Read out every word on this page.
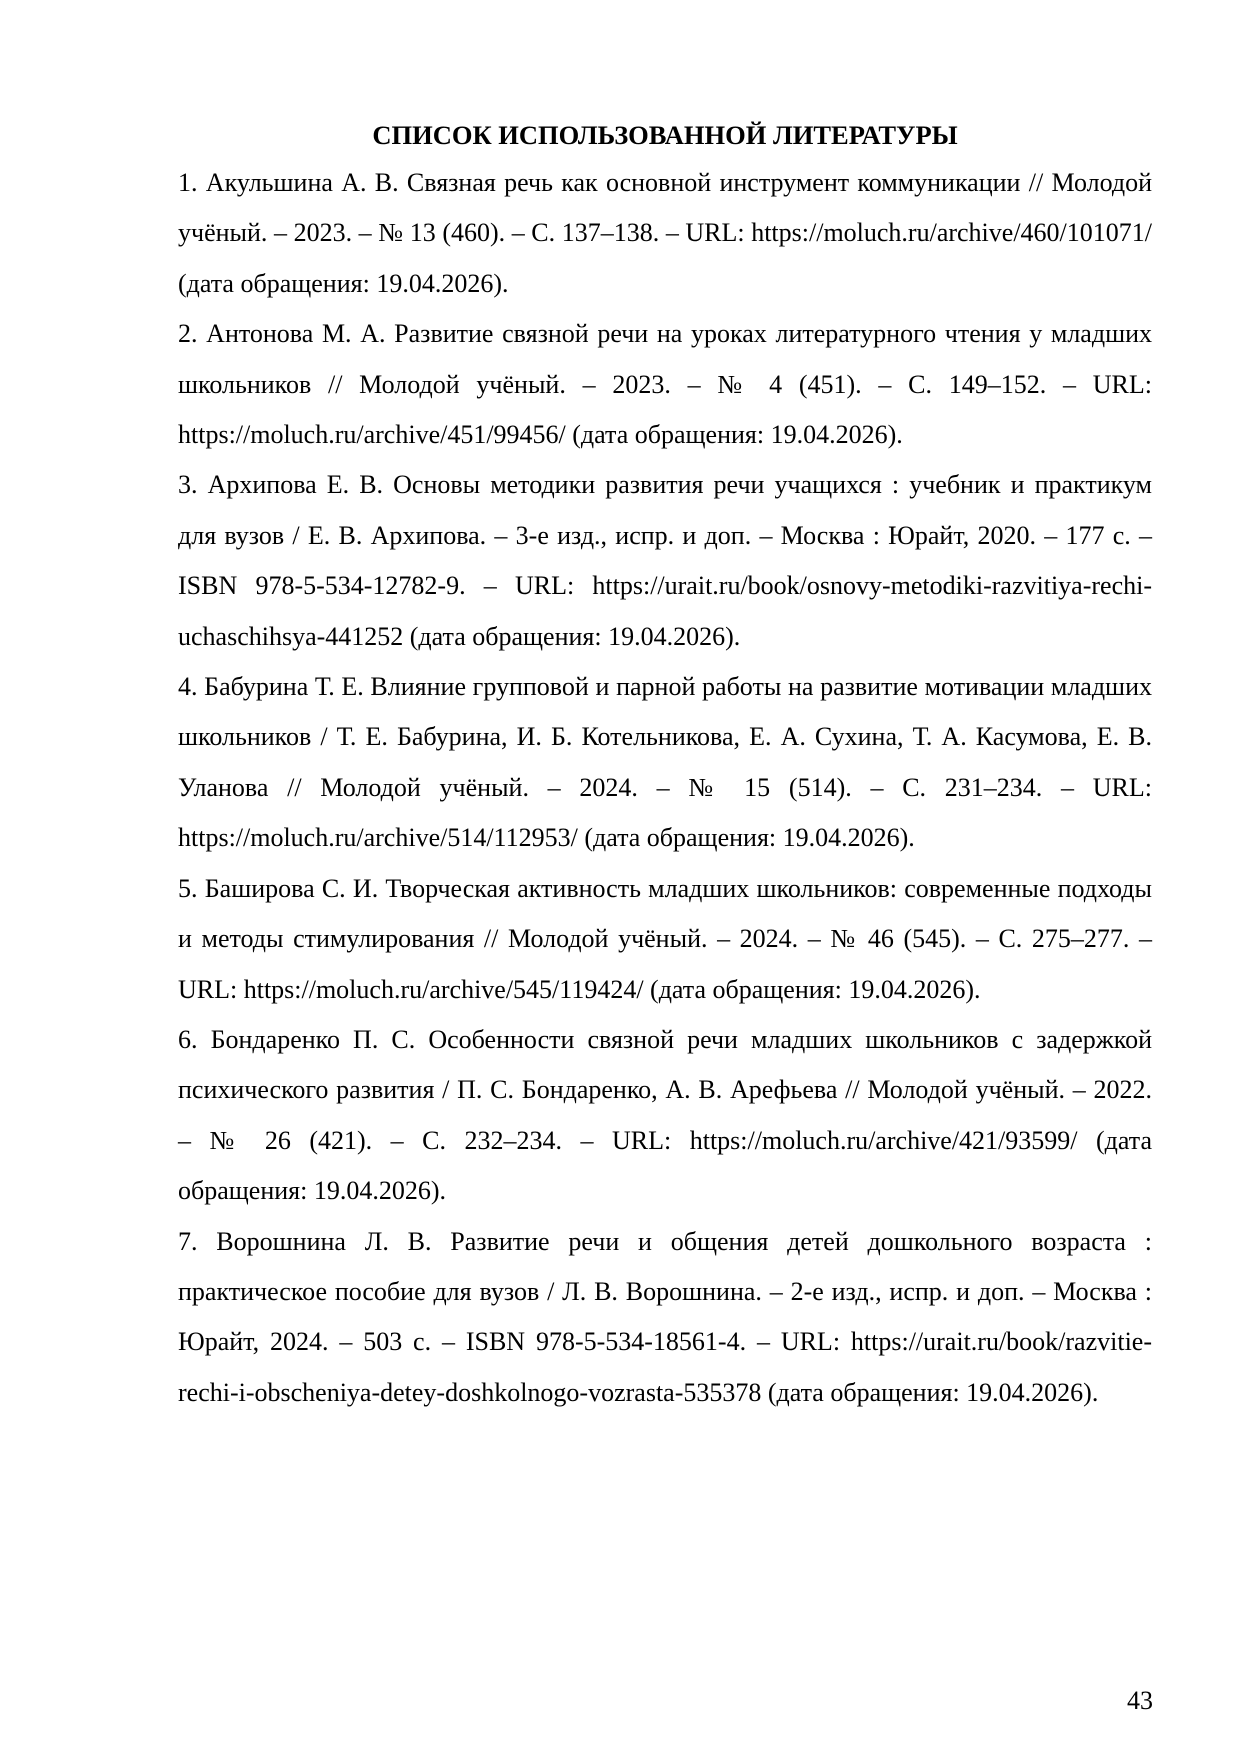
СПИСОК ИСПОЛЬЗОВАННОЙ ЛИТЕРАТУРЫ

1. Акульшина А. В. Связная речь как основной инструмент коммуникации // Молодой учёный. – 2023. – № 13 (460). – С. 137–138. – URL: https://moluch.ru/archive/460/101071/ (дата обращения: 19.04.2026).

2. Антонова М. А. Развитие связной речи на уроках литературного чтения у младших школьников // Молодой учёный. – 2023. – № 4 (451). – С. 149–152. – URL: https://moluch.ru/archive/451/99456/ (дата обращения: 19.04.2026).

3. Архипова Е. В. Основы методики развития речи учащихся : учебник и практикум для вузов / Е. В. Архипова. – 3-е изд., испр. и доп. – Москва : Юрайт, 2020. – 177 с. – ISBN 978-5-534-12782-9. – URL: https://urait.ru/book/osnovy-metodiki-razvitiya-rechi-uchaschihsya-441252 (дата обращения: 19.04.2026).

4. Бабурина Т. Е. Влияние групповой и парной работы на развитие мотивации младших школьников / Т. Е. Бабурина, И. Б. Котельникова, Е. А. Сухина, Т. А. Касумова, Е. В. Уланова // Молодой учёный. – 2024. – № 15 (514). – С. 231–234. – URL: https://moluch.ru/archive/514/112953/ (дата обращения: 19.04.2026).

5. Баширова С. И. Творческая активность младших школьников: современные подходы и методы стимулирования // Молодой учёный. – 2024. – № 46 (545). – С. 275–277. – URL: https://moluch.ru/archive/545/119424/ (дата обращения: 19.04.2026).

6. Бондаренко П. С. Особенности связной речи младших школьников с задержкой психического развития / П. С. Бондаренко, А. В. Арефьева // Молодой учёный. – 2022. – № 26 (421). – С. 232–234. – URL: https://moluch.ru/archive/421/93599/ (дата обращения: 19.04.2026).

7. Ворошнина Л. В. Развитие речи и общения детей дошкольного возраста : практическое пособие для вузов / Л. В. Ворошнина. – 2-е изд., испр. и доп. – Москва : Юрайт, 2024. – 503 с. – ISBN 978-5-534-18561-4. – URL: https://urait.ru/book/razvitie-rechi-i-obscheniya-detey-doshkolnogo-vozrasta-535378 (дата обращения: 19.04.2026).

43
